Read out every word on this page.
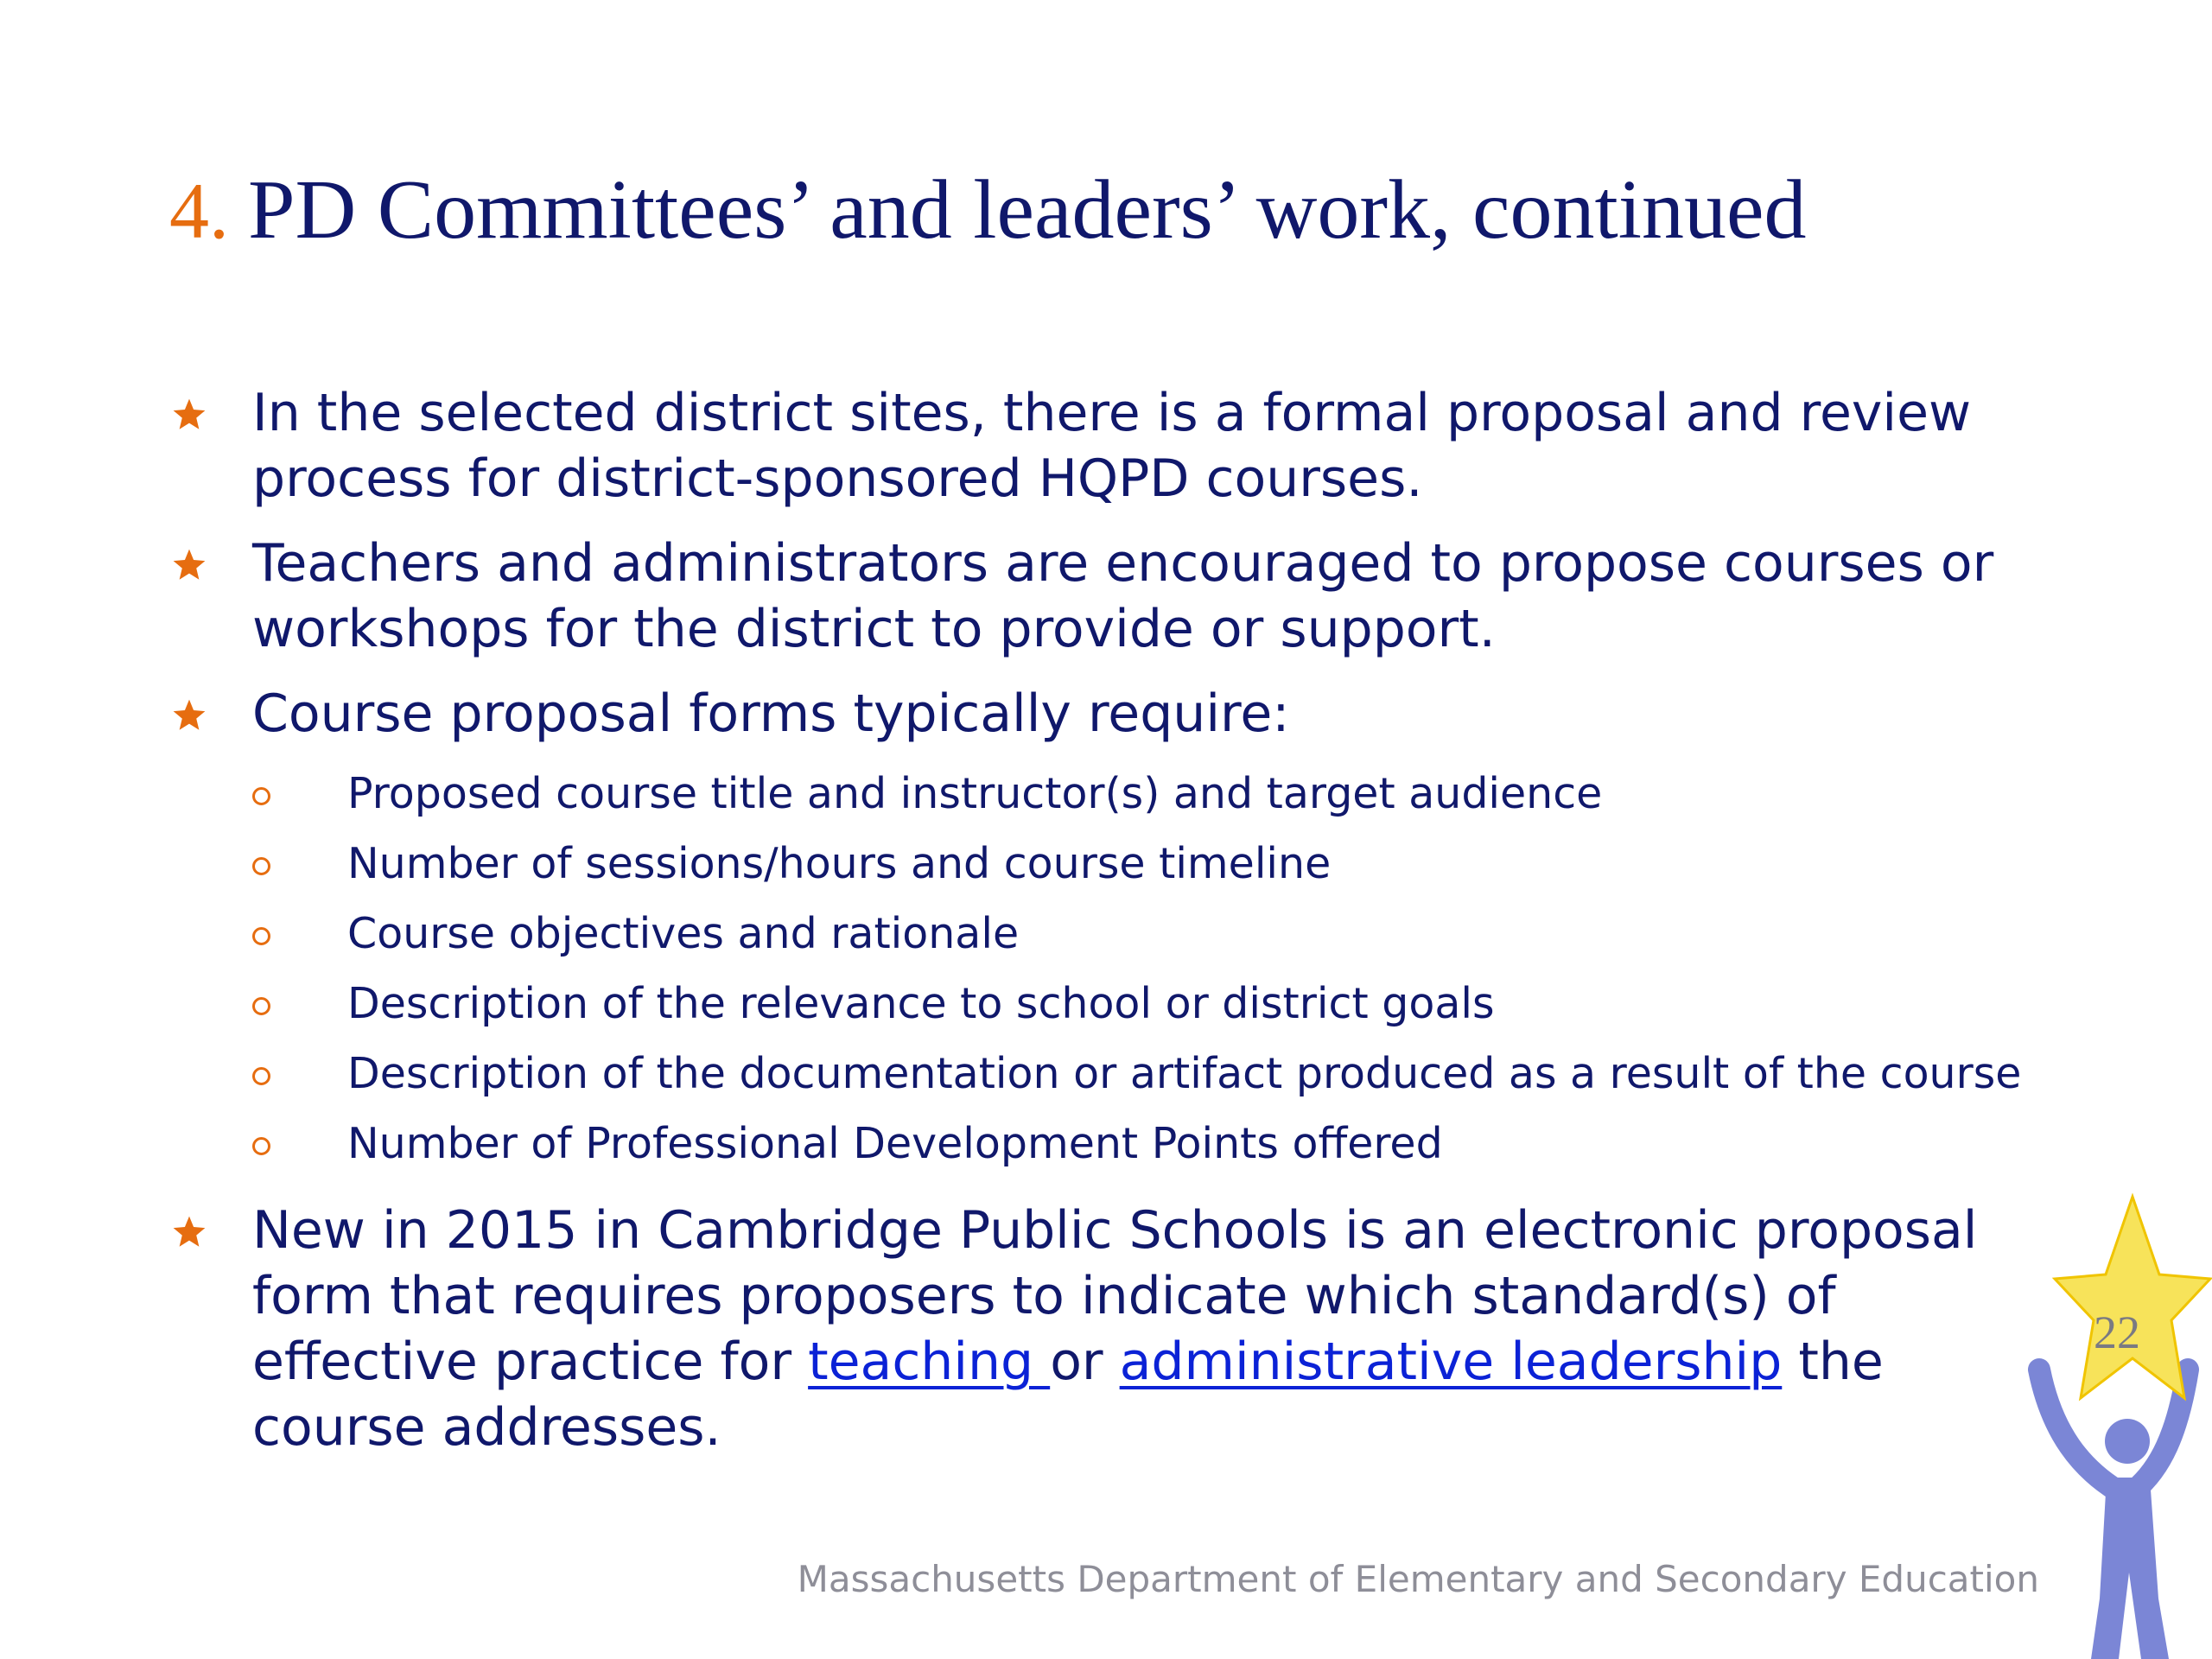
4. PD Committees’ and leaders’ work, continued
In the selected district sites, there is a formal proposal and review process for district-sponsored HQPD courses.
Teachers and administrators are encouraged to propose courses or workshops for the district to provide or support.
Course proposal forms typically require:
Proposed course title and instructor(s) and target audience
Number of sessions/hours and course timeline
Course objectives and rationale
Description of the relevance to school or district goals
Description of the documentation or artifact produced as a result of the course
Number of Professional Development Points offered
New in 2015 in Cambridge Public Schools is an electronic proposal form that requires proposers to indicate which standard(s) of effective practice for teaching or administrative leadership the course addresses.
22
Massachusetts Department of Elementary and Secondary Education
